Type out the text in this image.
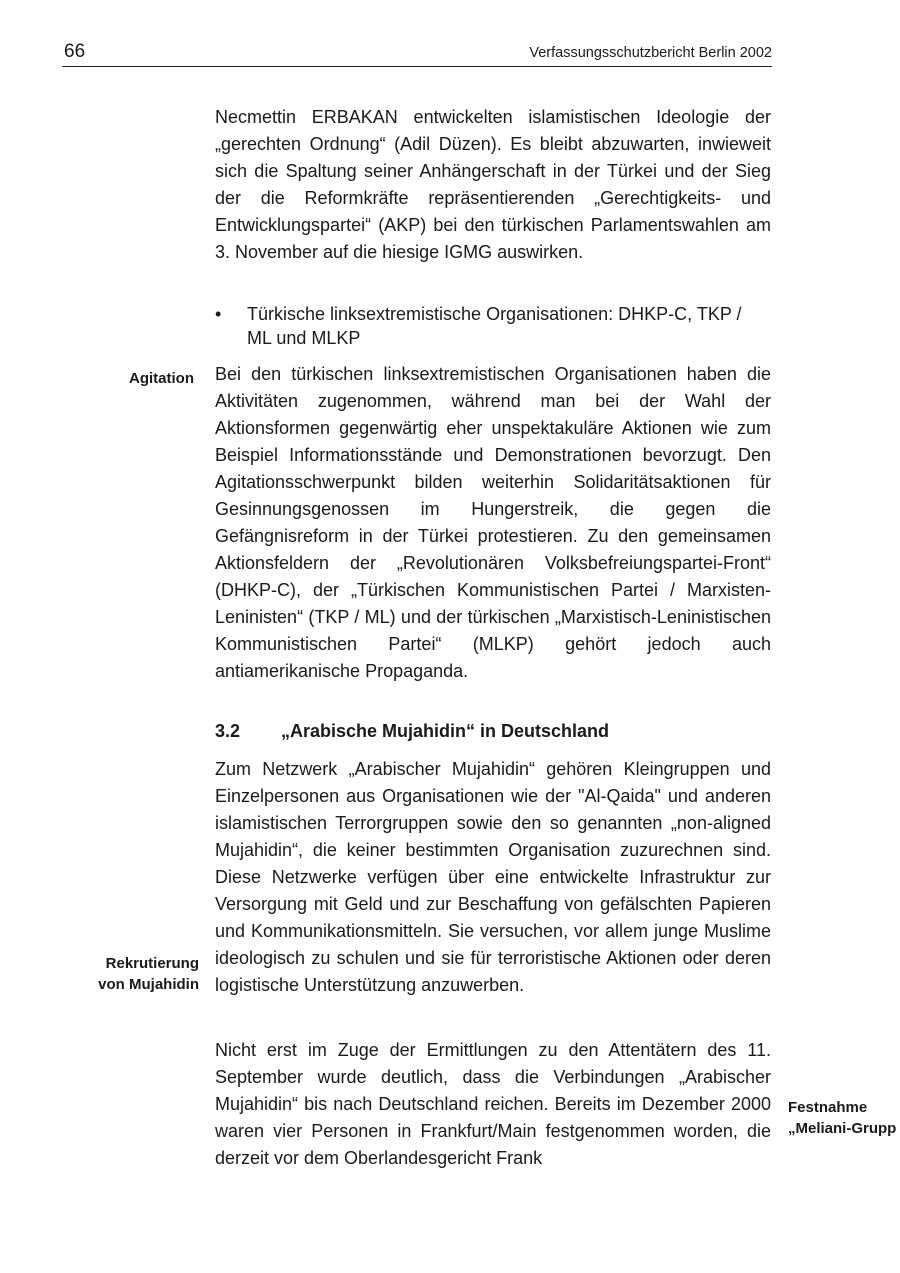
66	Verfassungsschutzbericht Berlin 2002

Necmettin ERBAKAN entwickelten islamistischen Ideologie der „gerechten Ordnung“ (Adil Düzen). Es bleibt abzuwarten, inwieweit sich die Spaltung seiner Anhängerschaft in der Türkei und der Sieg der die Reformkräfte repräsentierenden „Gerechtigkeits- und Entwicklungspartei“ (AKP) bei den türkischen Parlamentswahlen am 3. November auf die hiesige IGMG auswirken.

• Türkische linksextremistische Organisationen: DHKP-C, TKP / ML und MLKP
Agitation Bei den türkischen linksextremistischen Organisationen haben die Aktivitäten zugenommen, während man bei der Wahl der Aktionsformen gegenwärtig eher unspektakuläre Aktionen wie zum Beispiel Informationsstände und Demonstrationen bevorzugt. Den Agitationsschwerpunkt bilden weiterhin Solidaritätsaktionen für Gesinnungsgenossen im Hungerstreik, die gegen die Gefängnisreform in der Türkei protestieren. Zu den gemeinsamen Aktionsfeldern der „Revolutionären Volksbefreiungspartei-Front“ (DHKP-C), der „Türkischen Kommunistischen Partei / Marxisten-Leninisten“ (TKP / ML) und der türkischen „Marxistisch-Leninistischen Kommunistischen Partei“ (MLKP) gehört jedoch auch antiamerikanische Propaganda.

3.2 „Arabische Mujahidin“ in Deutschland

Zum Netzwerk „Arabischer Mujahidin“ gehören Kleingruppen und Einzelpersonen aus Organisationen wie der "Al-Qaida" und anderen islamistischen Terrorgruppen sowie den so genannten „non-aligned Mujahidin“, die keiner bestimmten Organisation zuzurechnen sind. Diese Netzwerke verfügen über eine entwickelte Infrastruktur zur Versorgung mit Geld und zur Beschaffung von gefälschten Papieren und Kommunikationsmitteln. Sie versuchen, vor allem junge Muslime ideologisch zu schulen und sie für terroristische Aktionen oder deren logistische Unterstützung anzuwerben.

Rekrutierung
von Mujahidin

Nicht erst im Zuge der Ermittlungen zu den Attentätern des 11. September wurde deutlich, dass die Verbindungen „Arabischer Mujahidin“ bis nach Deutschland reichen. Bereits im Dezember 2000 waren vier Personen in Frankfurt/Main festgenommen worden, die derzeit vor dem Oberlandesgericht Frank

Festnahme
„Meliani-Grupp
